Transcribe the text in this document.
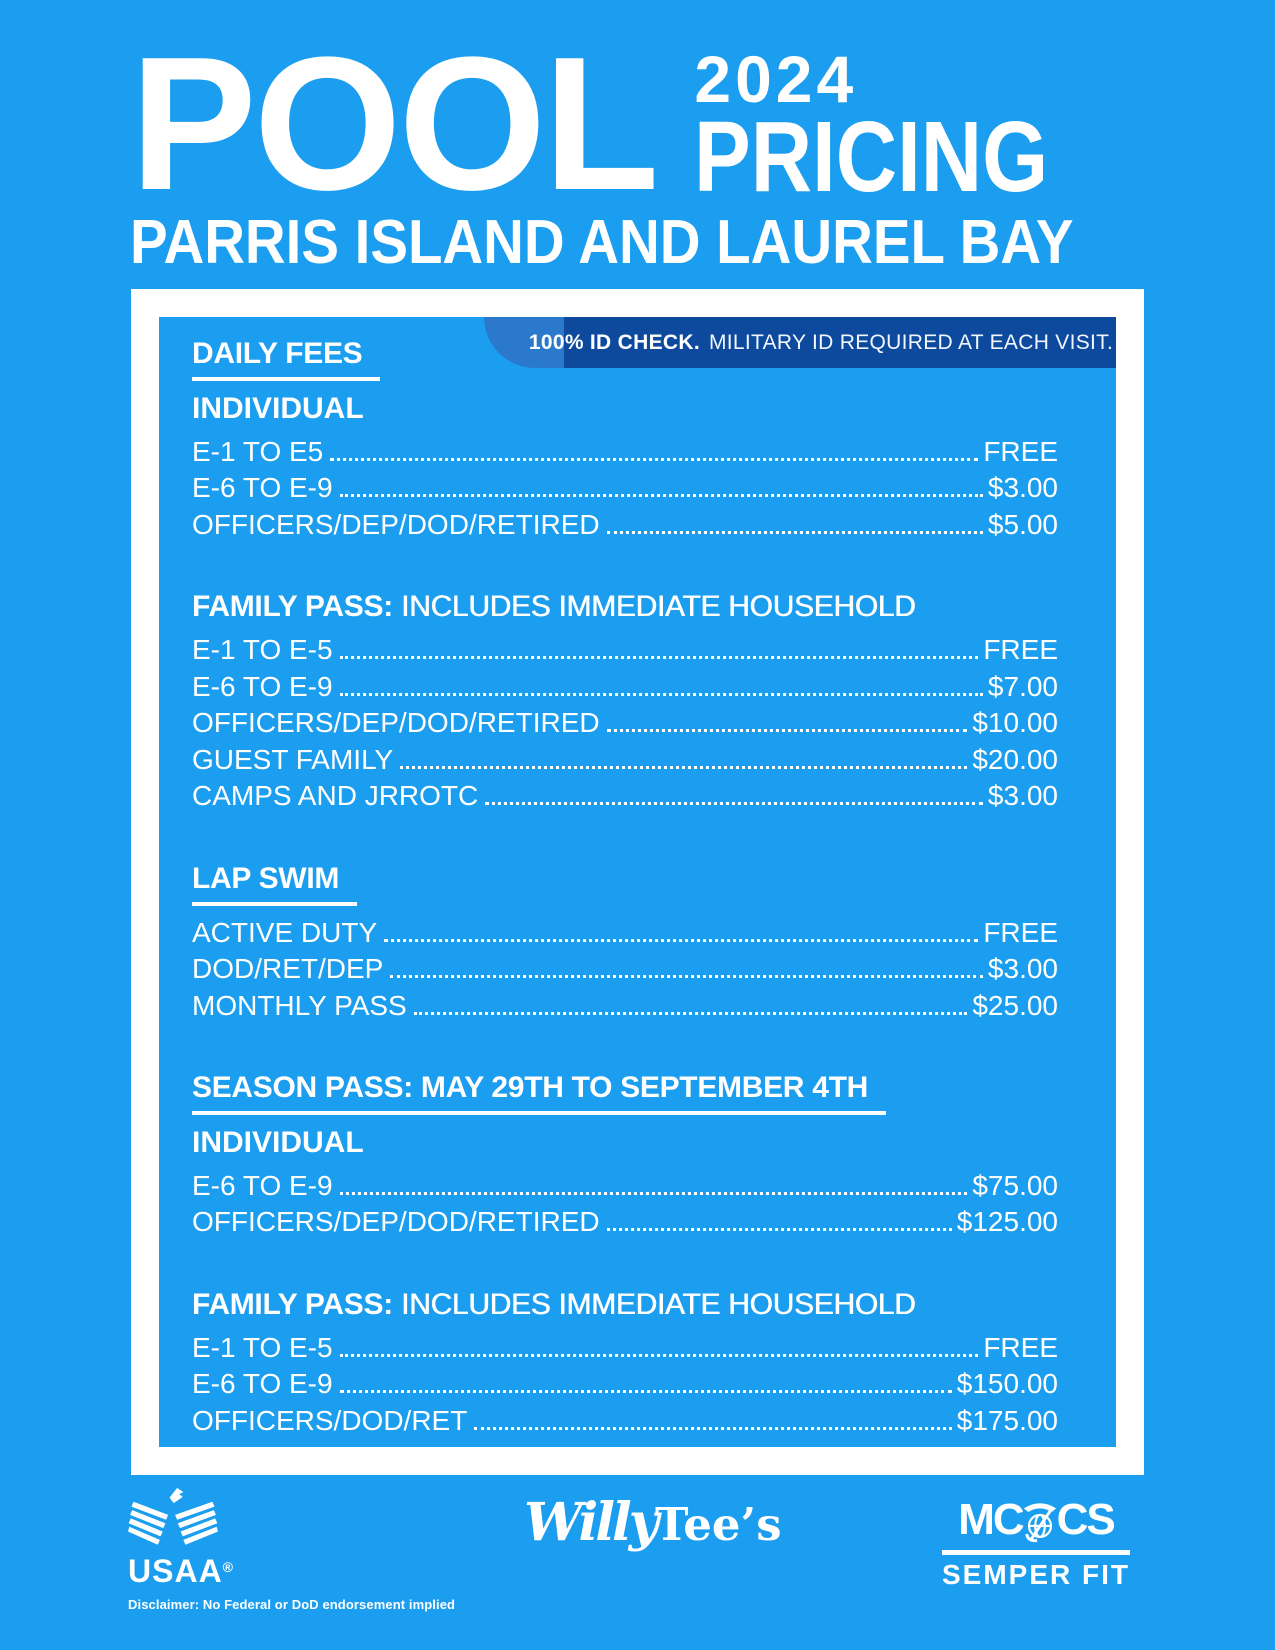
POOL 2024
PRICING
PARRIS ISLAND AND LAUREL BAY
100% ID CHECK. MILITARY ID REQUIRED AT EACH VISIT.
DAILY FEES
INDIVIDUAL
E-1 TO E5	FREE
E-6 TO E-9	$3.00
OFFICERS/DEP/DOD/RETIRED	$5.00
FAMILY PASS: INCLUDES IMMEDIATE HOUSEHOLD
E-1 TO E-5	FREE
E-6 TO E-9	$7.00
OFFICERS/DEP/DOD/RETIRED	$10.00
GUEST FAMILY	$20.00
CAMPS AND JRROTC	$3.00
LAP SWIM
ACTIVE DUTY	FREE
DOD/RET/DEP	$3.00
MONTHLY PASS	$25.00
SEASON PASS: MAY 29TH TO SEPTEMBER 4TH
INDIVIDUAL
E-6 TO E-9	$75.00
OFFICERS/DEP/DOD/RETIRED	$125.00
FAMILY PASS: INCLUDES IMMEDIATE HOUSEHOLD
E-1 TO E-5	FREE
E-6 TO E-9	$150.00
OFFICERS/DOD/RET	$175.00
USAA®
Disclaimer: No Federal or DoD endorsement implied
Willy Tee’s	MC CS
SEMPER FIT
